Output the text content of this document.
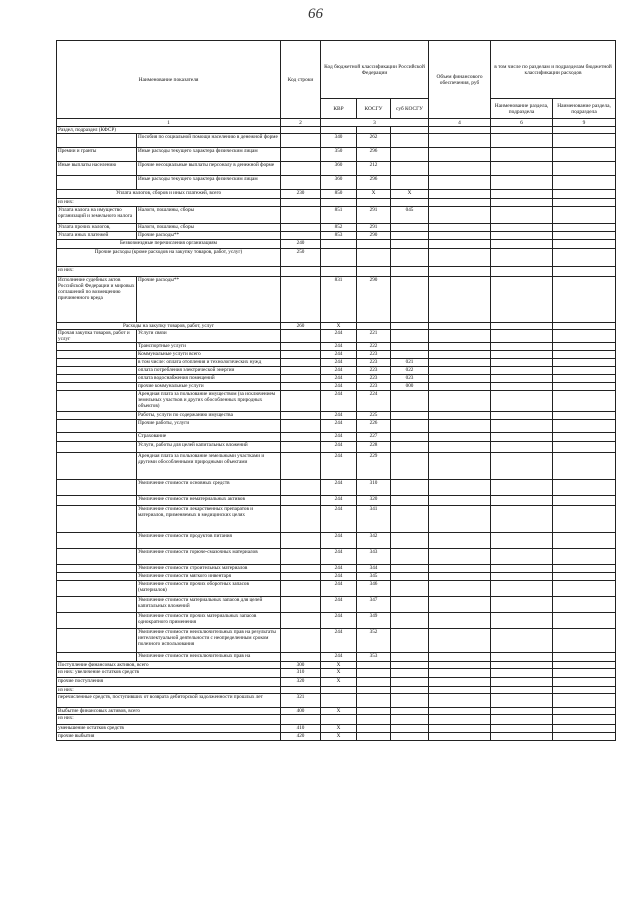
66
Наименование показателя		Код строки	Код бюджетной классификации Российской Федерации			Объем финансового обеспечения, руб	в том числе по разделам и подразделам бюджетной классификации расходов	
			КВР	КОСГУ	суб КОСГУ		Наименование раздела, подраздела	Наименование раздела, подраздела
1		2	3			4	6	9
Раздел, подраздел (КФСР)								
	Пособия по социальной помощи населению в денежной форме		340	262				
Премии и гранты	Иные расходы текущего характера физическим лицам		350	296				
Иные выплаты населению	Прочие несоциальные выплаты персоналу в денежной форме		360	212				
	Иные расходы текущего характера физическим лицам		360	296				
Уплата налогов, сборов и иных платежей, всего		230	850	X	X			
из них:								
Уплата налога на имущество организаций и земельного налога	Налоги, пошлины, сборы		851	291	045			
Уплата прочих налогов,	Налоги, пошлины, сборы		852	291				
Уплата иных платежей	Прочие расходы**		853	290				
Безвозмездные перечисления организациям		240						
Прочие расходы (кроме расходов на закупку товаров, работ, услуг)		250						
из них:								
Исполнение судебных актов Российской Федерации и мировых соглашений по возмещению причиненного вреда	Прочие расходы**		831	290				
Расходы на закупку товаров, работ, услуг		260	X					
Прочая закупка товаров, работ и услуг	Услуги связи		244	221				
	Транспортные услуги		244	222				
	Коммунальные услуги всего		244	223				
	в том числе: оплата отопления и технологических нужд		244	223	021			
	оплата потребления электрической энергии		244	223	022			
	оплата водоснабжения помещений		244	223	023			
	прочие коммунальные услуги		244	223	000			
	Арендная плата за пользование имуществом (за исключением земельных участков и других обособленных природных объектов)		244	224				
	Работы, услуги по содержанию имущества		244	225				
	Прочие работы, услуги		244	226				
	Страхование		244	227				
	Услуги, работы для целей капитальных вложений		244	228				
	Арендная плата за пользование земельными участками и другими обособленными природными объектами		244	229				
	Увеличение стоимости основных средств		244	310				
	Увеличение стоимости нематериальных активов		244	320				
	Увеличение стоимости лекарственных препаратов и материалов, применяемых в медицинских целях		244	341				
	Увеличение стоимости продуктов питания		244	342				
	Увеличение стоимости горюче-смазочных материалов		244	343				
	Увеличение стоимости строительных материалов		244	344				
	Увеличение стоимости мягкого инвентаря		244	345				
	Увеличение стоимости прочих оборотных запасов (материалов)		244	346				
	Увеличение стоимости материальных запасов для целей капитальных вложений		244	347				
	Увеличение стоимости прочих материальных запасов однократного применения		244	349				
	Увеличение стоимости неисключительных прав на результаты интеллектуальной деятельности с неопределенным сроком полезного использования		244	352				
	Увеличение стоимости неисключительных прав на		244	353				
Поступление финансовых активов, всего		300	X					
из них: увеличение остатков средств		310	X					
прочие поступления		320	X					
из них:								
перечисленные средств, поступивших от возврата дебиторской задолженности прошлых лет		321						
Выбытие финансовых активов, всего		400	X					
из них:								
уменьшение остатков средств		410	X					
прочие выбытия		420	X					
